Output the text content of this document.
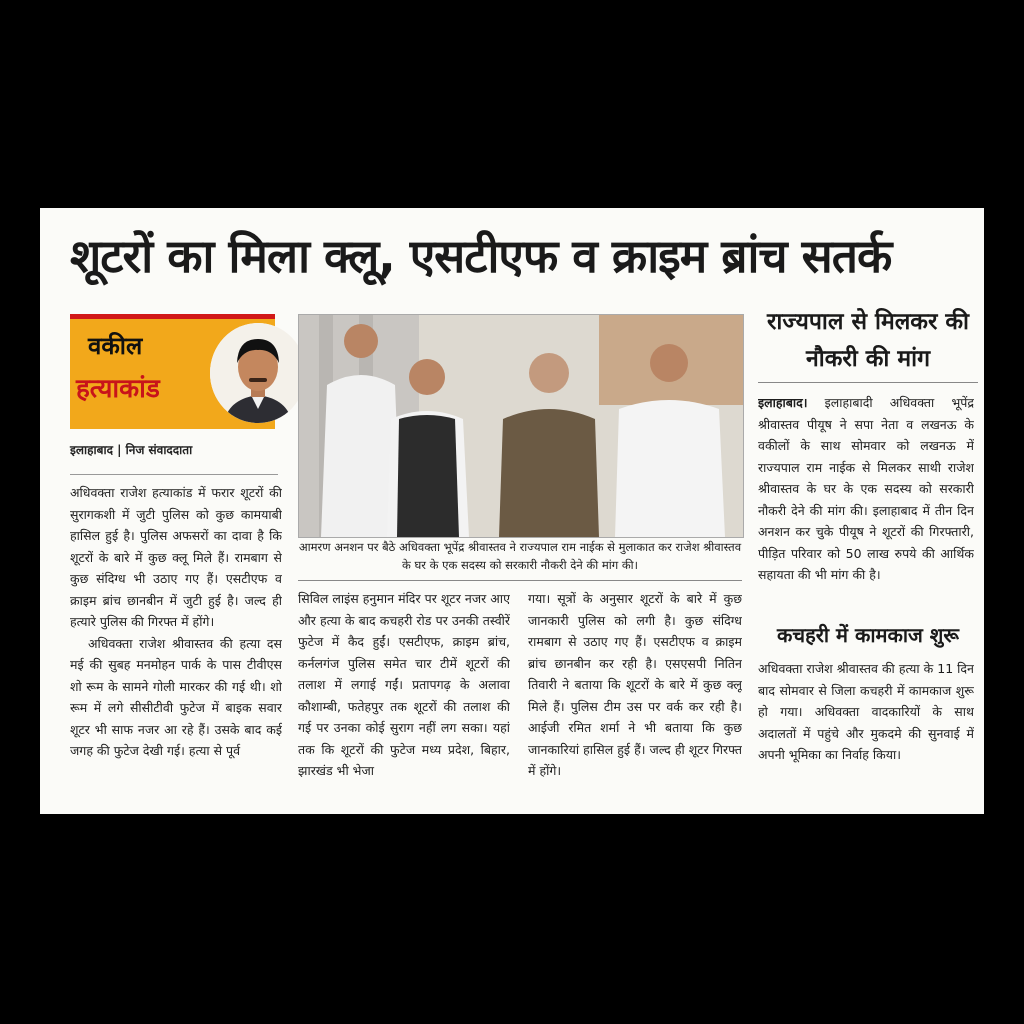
शूटरों का मिला क्लू, एसटीएफ व क्राइम ब्रांच सतर्क
वकील
हत्याकांड
इलाहाबाद | निज संवाददाता

अधिवक्ता राजेश हत्याकांड में फरार शूटरों की सुरागकशी में जुटी पुलिस को कुछ कामयाबी हासिल हुई है। पुलिस अफसरों का दावा है कि शूटरों के बारे में कुछ क्लू मिले हैं। रामबाग से कुछ संदिग्ध भी उठाए गए हैं। एसटीएफ व क्राइम ब्रांच छानबीन में जुटी हुई है। जल्द ही हत्यारे पुलिस की गिरफ्त में होंगे।

अधिवक्ता राजेश श्रीवास्तव की हत्या दस मई की सुबह मनमोहन पार्क के पास टीवीएस शो रूम के सामने गोली मारकर की गई थी। शो रूम में लगे सीसीटीवी फुटेज में बाइक सवार शूटर भी साफ नजर आ रहे हैं। उसके बाद कई जगह की फुटेज देखी गई। हत्या से पूर्व

आमरण अनशन पर बैठे अधिवक्ता भूपेंद्र श्रीवास्तव ने राज्यपाल राम नाईक से मुलाकात कर राजेश श्रीवास्तव के घर के एक सदस्य को सरकारी नौकरी देने की मांग की।

सिविल लाइंस हनुमान मंदिर पर शूटर नजर आए और हत्या के बाद कचहरी रोड पर उनकी तस्वीरें फुटेज में कैद हुईं। एसटीएफ, क्राइम ब्रांच, कर्नलगंज पुलिस समेत चार टीमें शूटरों की तलाश में लगाई गईं। प्रतापगढ़ के अलावा कौशाम्बी, फतेहपुर तक शूटरों की तलाश की गई पर उनका कोई सुराग नहीं लग सका। यहां तक कि शूटरों की फुटेज मध्य प्रदेश, बिहार, झारखंड भी भेजा

गया। सूत्रों के अनुसार शूटरों के बारे में कुछ जानकारी पुलिस को लगी है। कुछ संदिग्ध रामबाग से उठाए गए हैं। एसटीएफ व क्राइम ब्रांच छानबीन कर रही है। एसएसपी नितिन तिवारी ने बताया कि शूटरों के बारे में कुछ क्लू मिले हैं। पुलिस टीम उस पर वर्क कर रही है। आईजी रमित शर्मा ने भी बताया कि कुछ जानकारियां हासिल हुई हैं। जल्द ही शूटर गिरफ्त में होंगे।

राज्यपाल से मिलकर की नौकरी की मांग

इलाहाबाद। इलाहाबादी अधिवक्ता भूपेंद्र श्रीवास्तव पीयूष ने सपा नेता व लखनऊ के वकीलों के साथ सोमवार को लखनऊ में राज्यपाल राम नाईक से मिलकर साथी राजेश श्रीवास्तव के घर के एक सदस्य को सरकारी नौकरी देने की मांग की। इलाहाबाद में तीन दिन अनशन कर चुके पीयूष ने शूटरों की गिरफ्तारी, पीड़ित परिवार को 50 लाख रुपये की आर्थिक सहायता की भी मांग की है।

कचहरी में कामकाज शुरू

अधिवक्ता राजेश श्रीवास्तव की हत्या के 11 दिन बाद सोमवार से जिला कचहरी में कामकाज शुरू हो गया। अधिवक्ता वादकारियों के साथ अदालतों में पहुंचे और मुकदमे की सुनवाई में अपनी भूमिका का निर्वाह किया।
